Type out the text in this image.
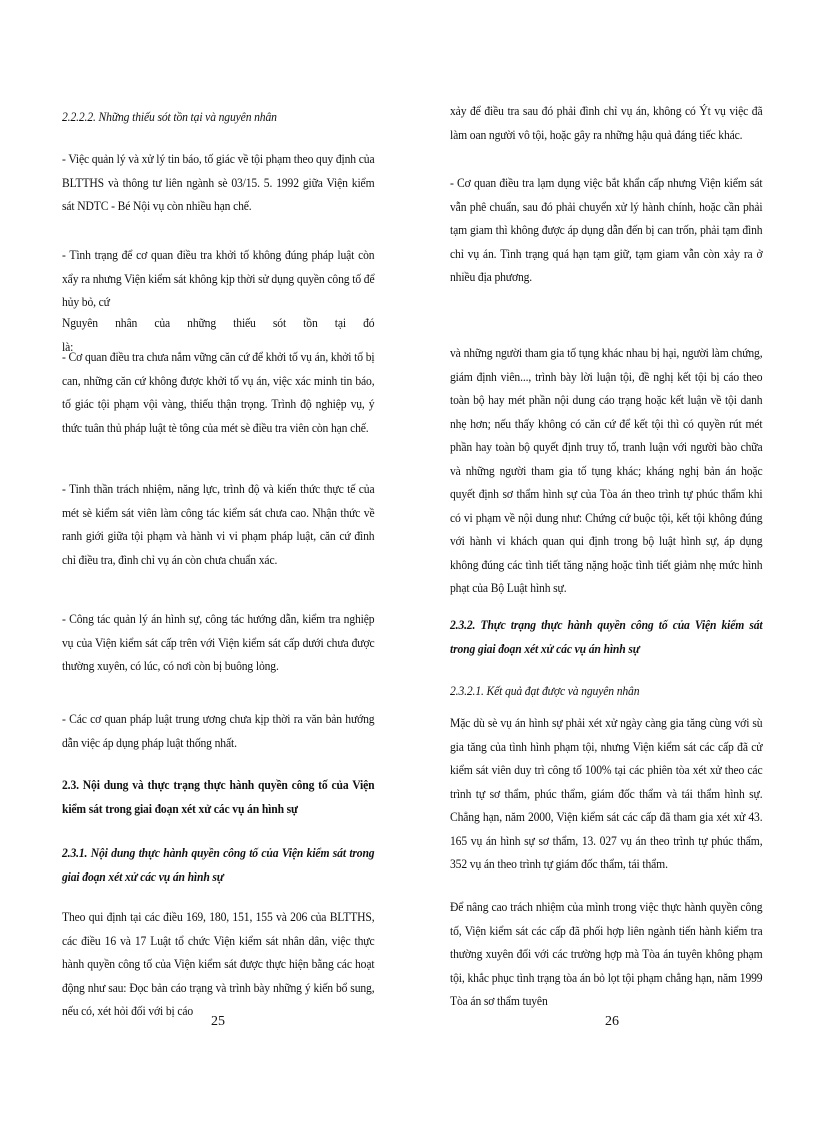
2.2.2.2. Những thiếu sót tồn tại và nguyên nhân

- Việc quản lý và xử lý tin báo, tố giác về tội phạm theo quy định của BLTTHS và thông tư liên ngành sè 03/15. 5. 1992 giữa Viện kiểm sát NDTC - Bé Nội vụ còn nhiều hạn chế.

- Tình trạng để cơ quan điều tra khởi tố không đúng pháp luật còn xẩy ra nhưng Viện kiểm sát không kịp thời sử dụng quyền công tố để hủy bỏ, cứ

Nguyên nhân của những thiếu sót tồn tại đó là:

- Cơ quan điều tra chưa nắm vững căn cứ để khởi tố vụ án, khởi tố bị can, những căn cứ không được khởi tố vụ án, việc xác minh tin báo, tố giác tội phạm vội vàng, thiếu thận trọng. Trình độ nghiệp vụ, ý thức tuân thủ pháp luật tè tông của mét sè điều tra viên còn hạn chế.

- Tinh thần trách nhiệm, năng lực, trình độ và kiến thức thực tế của mét sè kiểm sát viên làm công tác kiểm sát chưa cao. Nhận thức về ranh giới giữa tội phạm và hành vi vi phạm pháp luật, căn cứ đình chỉ điều tra, đình chỉ vụ án còn chưa chuẩn xác.

- Công tác quản lý án hình sự, công tác hướng dẫn, kiểm tra nghiệp vụ của Viện kiểm sát cấp trên với Viện kiểm sát cấp dưới chưa được thường xuyên, có lúc, có nơi còn bị buông lỏng.

- Các cơ quan pháp luật trung ương chưa kịp thời ra văn bản hướng dẫn việc áp dụng pháp luật thống nhất.

2.3. Nội dung và thực trạng thực hành quyền công tố của Viện kiểm sát trong giai đoạn xét xử các vụ án hình sự

2.3.1. Nội dung thực hành quyền công tố của Viện kiểm sát trong giai đoạn xét xử các vụ án hình sự

Theo qui định tại các điều 169, 180, 151, 155 và 206 của BLTTHS, các điều 16 và 17 Luật tổ chức Viện kiểm sát nhân dân, việc thực hành quyền công tố của Viện kiểm sát được thực hiện bằng các hoạt động như sau: Đọc bản cáo trạng và trình bày những ý kiến bổ sung, nếu có, xét hỏi đối với bị cáo

25

xảy để điều tra sau đó phải đình chỉ vụ án, không có Ýt vụ việc đã làm oan người vô tội, hoặc gây ra những hậu quả đáng tiếc khác.

- Cơ quan điều tra lạm dụng việc bắt khẩn cấp nhưng Viện kiểm sát vẫn phê chuẩn, sau đó phải chuyển xử lý hành chính, hoặc cần phải tạm giam thì không được áp dụng dẫn đến bị can trốn, phải tạm đình chỉ vụ án. Tình trạng quá hạn tạm giữ, tạm giam vẫn còn xảy ra ở nhiều địa phương.

và những người tham gia tố tụng khác nhau bị hại, người làm chứng, giám định viên..., trình bày lời luận tội, đề nghị kết tội bị cáo theo toàn bộ hay mét phần nội dung cáo trạng hoặc kết luận về tội danh nhẹ hơn; nếu thấy không có căn cứ để kết tội thì có quyền rút mét phần hay toàn bộ quyết định truy tố, tranh luận với người bào chữa và những người tham gia tố tụng khác; kháng nghị bản án hoặc quyết định sơ thẩm hình sự của Tòa án theo trình tự phúc thẩm khi có vi phạm về nội dung như: Chứng cứ buộc tội, kết tội không đúng với hành vi khách quan qui định trong bộ luật hình sự, áp dụng không đúng các tình tiết tăng nặng hoặc tình tiết giảm nhẹ mức hình phạt của Bộ Luật hình sự.

2.3.2. Thực trạng thực hành quyền công tố của Viện kiểm sát trong giai đoạn xét xử các vụ án hình sự

2.3.2.1. Kết quả đạt được và nguyên nhân

Mặc dù sè vụ án hình sự phải xét xử ngày càng gia tăng cùng với sù gia tăng của tình hình phạm tội, nhưng Viện kiểm sát các cấp đã cử kiểm sát viên duy trì công tố 100% tại các phiên tòa xét xử theo các trình tự sơ thẩm, phúc thẩm, giám đốc thẩm và tái thẩm hình sự. Chẳng hạn, năm 2000, Viện kiểm sát các cấp đã tham gia xét xử 43. 165 vụ án hình sự sơ thẩm, 13. 027 vụ án theo trình tự phúc thẩm, 352 vụ án theo trình tự giám đốc thẩm, tái thẩm.

Để nâng cao trách nhiệm của mình trong việc thực hành quyền công tố, Viện kiểm sát các cấp đã phối hợp liên ngành tiến hành kiểm tra thường xuyên đối với các trường hợp mà Tòa án tuyên không phạm tội, khắc phục tình trạng tòa án bỏ lọt tội phạm chẳng hạn, năm 1999 Tòa án sơ thẩm tuyên

26
